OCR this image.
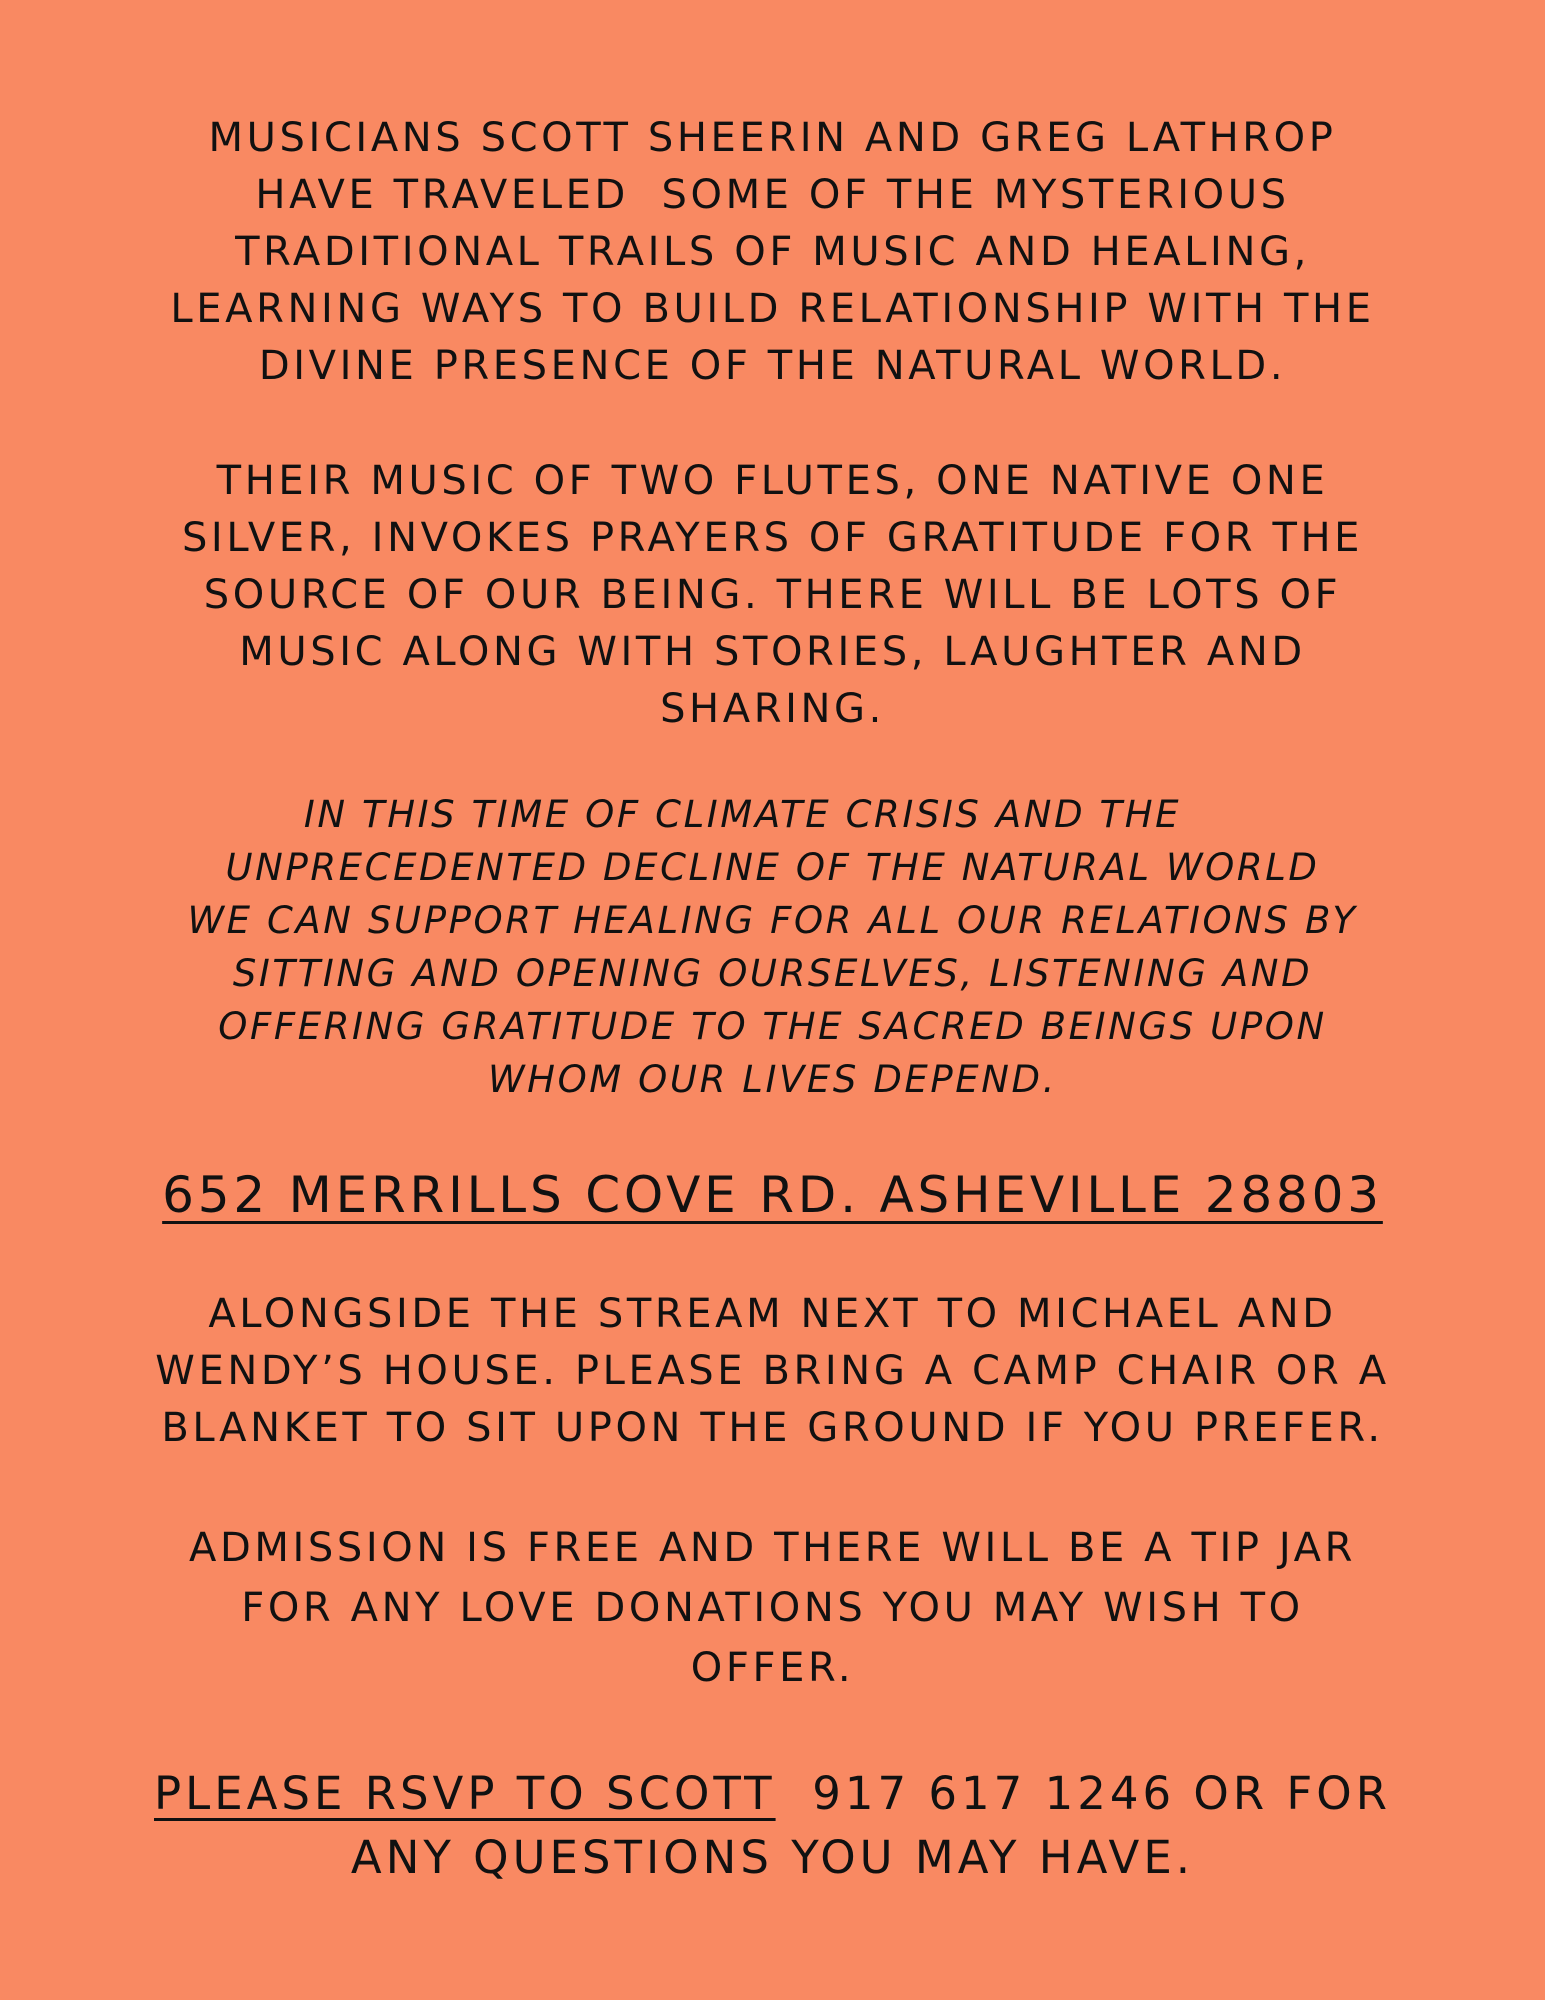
MUSICIANS SCOTT SHEERIN AND GREG LATHROP
HAVE TRAVELED  SOME OF THE MYSTERIOUS
TRADITIONAL TRAILS OF MUSIC AND HEALING,
LEARNING WAYS TO BUILD RELATIONSHIP WITH THE
DIVINE PRESENCE OF THE NATURAL WORLD.
THEIR MUSIC OF TWO FLUTES, ONE NATIVE ONE
SILVER, INVOKES PRAYERS OF GRATITUDE FOR THE
SOURCE OF OUR BEING. THERE WILL BE LOTS OF
MUSIC ALONG WITH STORIES, LAUGHTER AND
SHARING.
IN THIS TIME OF CLIMATE CRISIS AND THE
UNPRECEDENTED DECLINE OF THE NATURAL WORLD
WE CAN SUPPORT HEALING FOR ALL OUR RELATIONS BY
SITTING AND OPENING OURSELVES, LISTENING AND
OFFERING GRATITUDE TO THE SACRED BEINGS UPON
WHOM OUR LIVES DEPEND.
652 MERRILLS COVE RD. ASHEVILLE 28803
ALONGSIDE THE STREAM NEXT TO MICHAEL AND
WENDY’S HOUSE. PLEASE BRING A CAMP CHAIR OR A
BLANKET TO SIT UPON THE GROUND IF YOU PREFER.
ADMISSION IS FREE AND THERE WILL BE A TIP JAR
FOR ANY LOVE DONATIONS YOU MAY WISH TO
OFFER.
PLEASE RSVP TO SCOTT  917 617 1246 OR FOR
ANY QUESTIONS YOU MAY HAVE.
